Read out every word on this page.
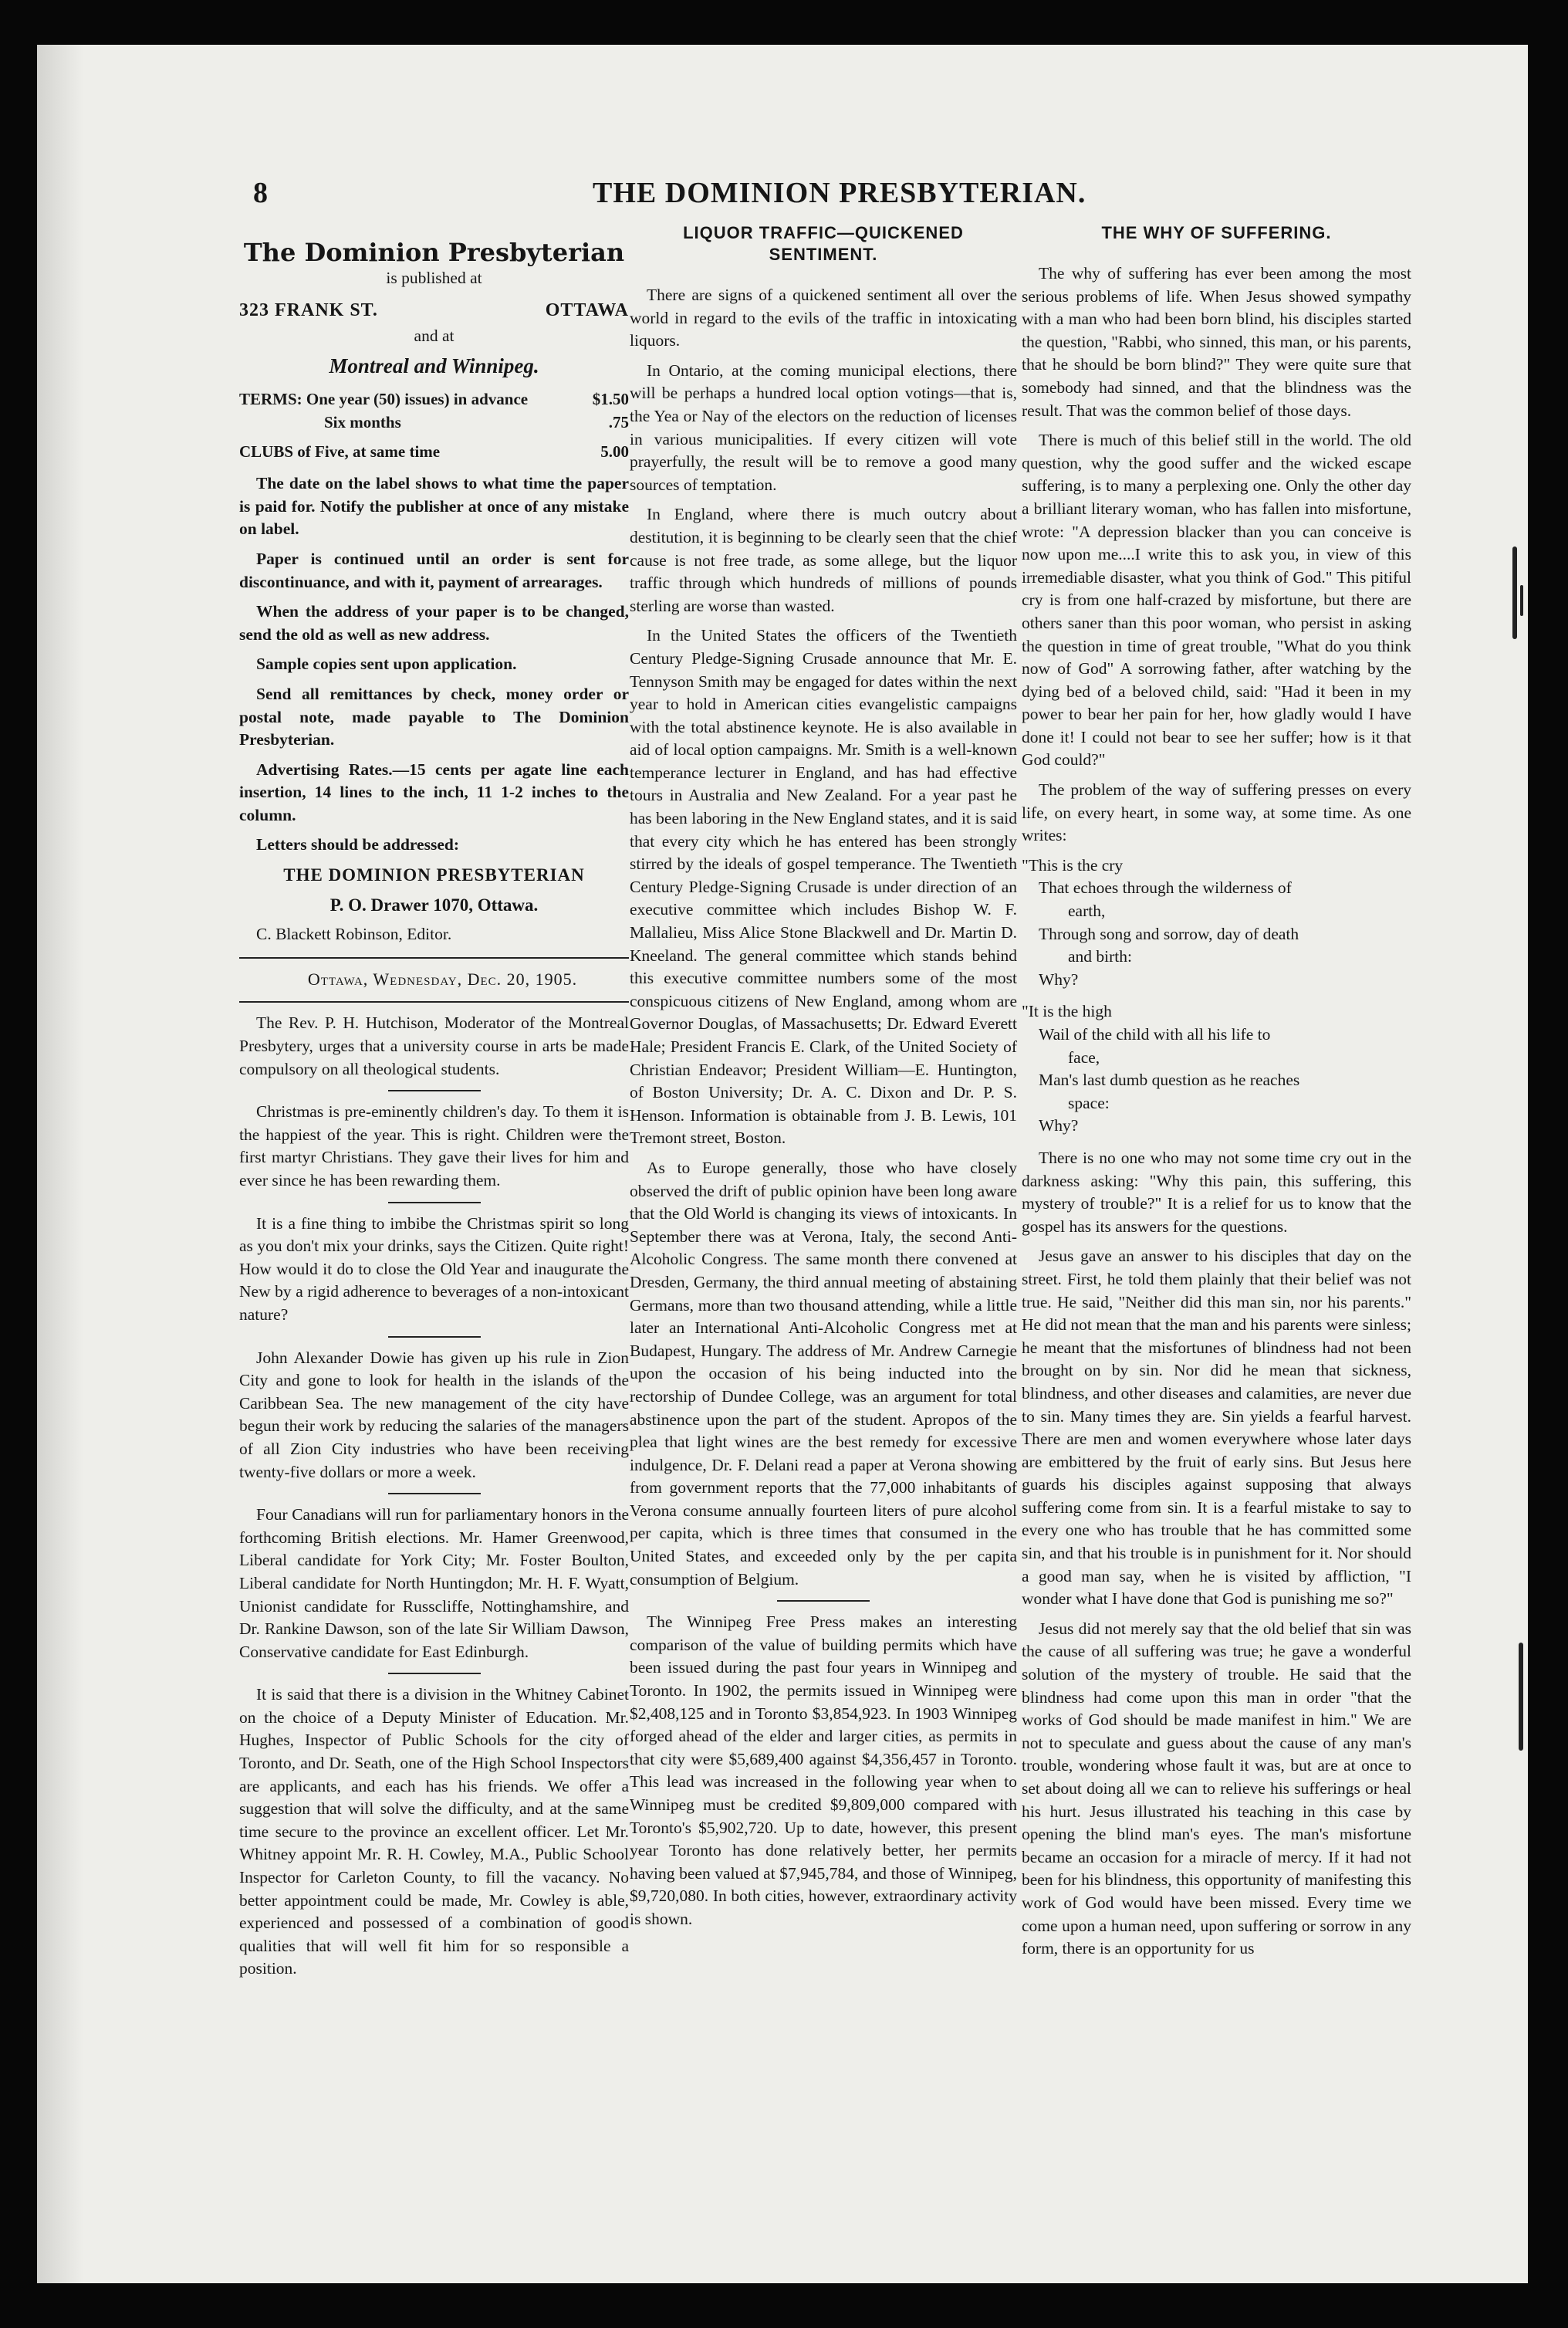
8	THE DOMINION PRESBYTERIAN.
The Dominion Presbyterian

is published at

323 FRANK ST.	OTTAWA

and at

Montreal and Winnipeg.
TERMS: One year (50) issues) in advance	$1.50
Six months	.75
CLUBS of Five, at same time	5.00

The date on the label shows to what time the paper is paid for. Notify the publisher at once of any mistake on label.

Paper is continued until an order is sent for discontinuance, and with it, payment of arrearages.

When the address of your paper is to be changed, send the old as well as new address.

Sample copies sent upon application.

Send all remittances by check, money order or postal note, made payable to The Dominion Presbyterian.

Advertising Rates.—15 cents per agate line each insertion, 14 lines to the inch, 11 1-2 inches to the column.

Letters should be addressed:

THE DOMINION PRESBYTERIAN

P. O. Drawer 1070, Ottawa.

C. Blackett Robinson, Editor.

Ottawa, Wednesday, Dec. 20, 1905.

The Rev. P. H. Hutchison, Moderator of the Montreal Presbytery, urges that a university course in arts be made compulsory on all theological students.

Christmas is pre-eminently children's day. To them it is the happiest of the year. This is right. Children were the first martyr Christians. They gave their lives for him and ever since he has been rewarding them.

It is a fine thing to imbibe the Christmas spirit so long as you don't mix your drinks, says the Citizen. Quite right! How would it do to close the Old Year and inaugurate the New by a rigid adherence to beverages of a non-intoxicant nature?

John Alexander Dowie has given up his rule in Zion City and gone to look for health in the islands of the Caribbean Sea. The new management of the city have begun their work by reducing the salaries of the managers of all Zion City industries who have been receiving twenty-five dollars or more a week.

Four Canadians will run for parliamentary honors in the forthcoming British elections. Mr. Hamer Greenwood, Liberal candidate for York City; Mr. Foster Boulton, Liberal candidate for North Huntingdon; Mr. H. F. Wyatt, Unionist candidate for Russcliffe, Nottinghamshire, and Dr. Rankine Dawson, son of the late Sir William Dawson, Conservative candidate for East Edinburgh.

It is said that there is a division in the Whitney Cabinet on the choice of a Deputy Minister of Education. Mr. Hughes, Inspector of Public Schools for the city of Toronto, and Dr. Seath, one of the High School Inspectors are applicants, and each has his friends. We offer a suggestion that will solve the difficulty, and at the same time secure to the province an excellent officer. Let Mr. Whitney appoint Mr. R. H. Cowley, M.A., Public School Inspector for Carleton County, to fill the vacancy. No better appointment could be made, Mr. Cowley is able, experienced and possessed of a combination of good qualities that will well fit him for so responsible a position.

LIQUOR TRAFFIC—QUICKENED SENTIMENT.

There are signs of a quickened sentiment all over the world in regard to the evils of the traffic in intoxicating liquors.

In Ontario, at the coming municipal elections, there will be perhaps a hundred local option votings—that is, the Yea or Nay of the electors on the reduction of licenses in various municipalities. If every citizen will vote prayerfully, the result will be to remove a good many sources of temptation.

In England, where there is much outcry about destitution, it is beginning to be clearly seen that the chief cause is not free trade, as some allege, but the liquor traffic through which hundreds of millions of pounds sterling are worse than wasted.

In the United States the officers of the Twentieth Century Pledge-Signing Crusade announce that Mr. E. Tennyson Smith may be engaged for dates within the next year to hold in American cities evangelistic campaigns with the total abstinence keynote. He is also available in aid of local option campaigns. Mr. Smith is a well-known temperance lecturer in England, and has had effective tours in Australia and New Zealand. For a year past he has been laboring in the New England states, and it is said that every city which he has entered has been strongly stirred by the ideals of gospel temperance. The Twentieth Century Pledge-Signing Crusade is under direction of an executive committee which includes Bishop W. F. Mallalieu, Miss Alice Stone Blackwell and Dr. Martin D. Kneeland. The general committee which stands behind this executive committee numbers some of the most conspicuous citizens of New England, among whom are Governor Douglas, of Massachusetts; Dr. Edward Everett Hale; President Francis E. Clark, of the United Society of Christian Endeavor; President William—E. Huntington, of Boston University; Dr. A. C. Dixon and Dr. P. S. Henson. Information is obtainable from J. B. Lewis, 101 Tremont street, Boston.

As to Europe generally, those who have closely observed the drift of public opinion have been long aware that the Old World is changing its views of intoxicants. In September there was at Verona, Italy, the second Anti-Alcoholic Congress. The same month there convened at Dresden, Germany, the third annual meeting of abstaining Germans, more than two thousand attending, while a little later an International Anti-Alcoholic Congress met at Budapest, Hungary. The address of Mr. Andrew Carnegie upon the occasion of his being inducted into the rectorship of Dundee College, was an argument for total abstinence upon the part of the student. Apropos of the plea that light wines are the best remedy for excessive indulgence, Dr. F. Delani read a paper at Verona showing from government reports that the 77,000 inhabitants of Verona consume annually fourteen liters of pure alcohol per capita, which is three times that consumed in the United States, and exceeded only by the per capita consumption of Belgium.

The Winnipeg Free Press makes an interesting comparison of the value of building permits which have been issued during the past four years in Winnipeg and Toronto. In 1902, the permits issued in Winnipeg were $2,408,125 and in Toronto $3,854,923. In 1903 Winnipeg forged ahead of the elder and larger cities, as permits in that city were $5,689,400 against $4,356,457 in Toronto. This lead was increased in the following year when to Winnipeg must be credited $9,809,000 compared with Toronto's $5,902,720. Up to date, however, this present year Toronto has done relatively better, her permits having been valued at $7,945,784, and those of Winnipeg, $9,720,080. In both cities, however, extraordinary activity is shown.

THE WHY OF SUFFERING.

The why of suffering has ever been among the most serious problems of life. When Jesus showed sympathy with a man who had been born blind, his disciples started the question, "Rabbi, who sinned, this man, or his parents, that he should be born blind?" They were quite sure that somebody had sinned, and that the blindness was the result. That was the common belief of those days.

There is much of this belief still in the world. The old question, why the good suffer and the wicked escape suffering, is to many a perplexing one. Only the other day a brilliant literary woman, who has fallen into misfortune, wrote: "A depression blacker than you can conceive is now upon me....I write this to ask you, in view of this irremediable disaster, what you think of God." This pitiful cry is from one half-crazed by misfortune, but there are others saner than this poor woman, who persist in asking the question in time of great trouble, "What do you think now of God" A sorrowing father, after watching by the dying bed of a beloved child, said: "Had it been in my power to bear her pain for her, how gladly would I have done it! I could not bear to see her suffer; how is it that God could?"

The problem of the way of suffering presses on every life, on every heart, in some way, at some time. As one writes:

"This is the cry
That echoes through the wilderness of
earth,
Through song and sorrow, day of death
and birth:
Why?
"It is the high
Wail of the child with all his life to
face,
Man's last dumb question as he reaches
space:
Why?

There is no one who may not some time cry out in the darkness asking: "Why this pain, this suffering, this mystery of trouble?" It is a relief for us to know that the gospel has its answers for the questions.

Jesus gave an answer to his disciples that day on the street. First, he told them plainly that their belief was not true. He said, "Neither did this man sin, nor his parents." He did not mean that the man and his parents were sinless; he meant that the misfortunes of blindness had not been brought on by sin. Nor did he mean that sickness, blindness, and other diseases and calamities, are never due to sin. Many times they are. Sin yields a fearful harvest. There are men and women everywhere whose later days are embittered by the fruit of early sins. But Jesus here guards his disciples against supposing that always suffering come from sin. It is a fearful mistake to say to every one who has trouble that he has committed some sin, and that his trouble is in punishment for it. Nor should a good man say, when he is visited by affliction, "I wonder what I have done that God is punishing me so?"

Jesus did not merely say that the old belief that sin was the cause of all suffering was true; he gave a wonderful solution of the mystery of trouble. He said that the blindness had come upon this man in order "that the works of God should be made manifest in him." We are not to speculate and guess about the cause of any man's trouble, wondering whose fault it was, but are at once to set about doing all we can to relieve his sufferings or heal his hurt. Jesus illustrated his teaching in this case by opening the blind man's eyes. The man's misfortune became an occasion for a miracle of mercy. If it had not been for his blindness, this opportunity of manifesting this work of God would have been missed. Every time we come upon a human need, upon suffering or sorrow in any form, there is an opportunity for us
